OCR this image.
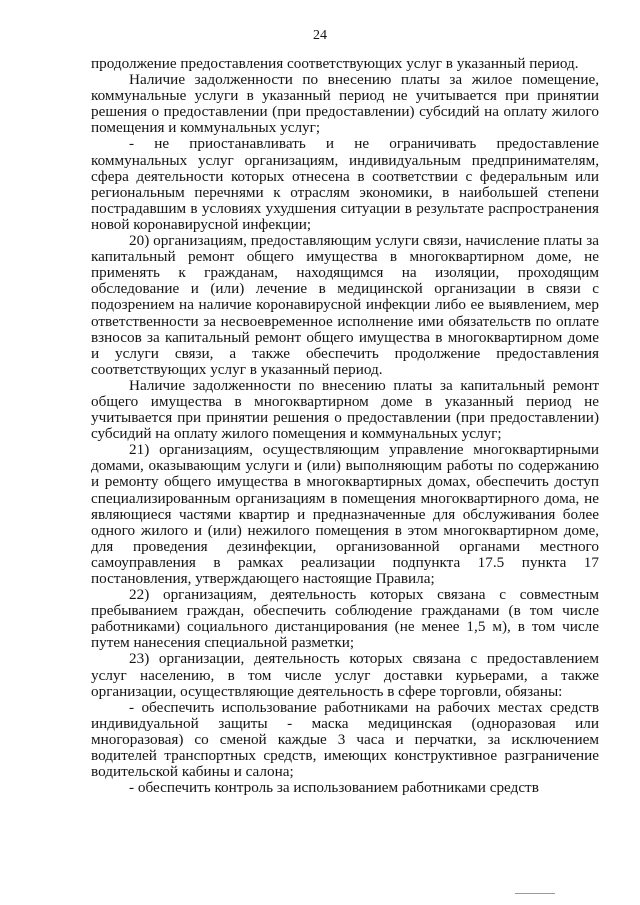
24

продолжение предоставления соответствующих услуг в указанный период.

Наличие задолженности по внесению платы за жилое помещение, коммунальные услуги в указанный период не учитывается при принятии решения о предоставлении (при предоставлении) субсидий на оплату жилого помещения и коммунальных услуг;

- не приостанавливать и не ограничивать предоставление коммунальных услуг организациям, индивидуальным предпринимателям, сфера деятельности которых отнесена в соответствии с федеральным или региональным перечнями к отраслям экономики, в наибольшей степени пострадавшим в условиях ухудшения ситуации в результате распространения новой коронавирусной инфекции;

20) организациям, предоставляющим услуги связи, начисление платы за капитальный ремонт общего имущества в многоквартирном доме, не применять к гражданам, находящимся на изоляции, проходящим обследование и (или) лечение в медицинской организации в связи с подозрением на наличие коронавирусной инфекции либо ее выявлением, мер ответственности за несвоевременное исполнение ими обязательств по оплате взносов за капитальный ремонт общего имущества в многоквартирном доме и услуги связи, а также обеспечить продолжение предоставления соответствующих услуг в указанный период.

Наличие задолженности по внесению платы за капитальный ремонт общего имущества в многоквартирном доме в указанный период не учитывается при принятии решения о предоставлении (при предоставлении) субсидий на оплату жилого помещения и коммунальных услуг;

21) организациям, осуществляющим управление многоквартирными домами, оказывающим услуги и (или) выполняющим работы по содержанию и ремонту общего имущества в многоквартирных домах, обеспечить доступ специализированным организациям в помещения многоквартирного дома, не являющиеся частями квартир и предназначенные для обслуживания более одного жилого и (или) нежилого помещения в этом многоквартирном доме, для проведения дезинфекции, организованной органами местного самоуправления в рамках реализации подпункта 17.5 пункта 17 постановления, утверждающего настоящие Правила;

22) организациям, деятельность которых связана с совместным пребыванием граждан, обеспечить соблюдение гражданами (в том числе работниками) социального дистанцирования (не менее 1,5 м), в том числе путем нанесения специальной разметки;

23) организации, деятельность которых связана с предоставлением услуг населению, в том числе услуг доставки курьерами, а также организации, осуществляющие деятельность в сфере торговли, обязаны:

- обеспечить использование работниками на рабочих местах средств индивидуальной защиты - маска медицинская (одноразовая или многоразовая) со сменой каждые 3 часа и перчатки, за исключением водителей транспортных средств, имеющих конструктивное разграничение водительской кабины и салона;

- обеспечить контроль за использованием работниками средств
